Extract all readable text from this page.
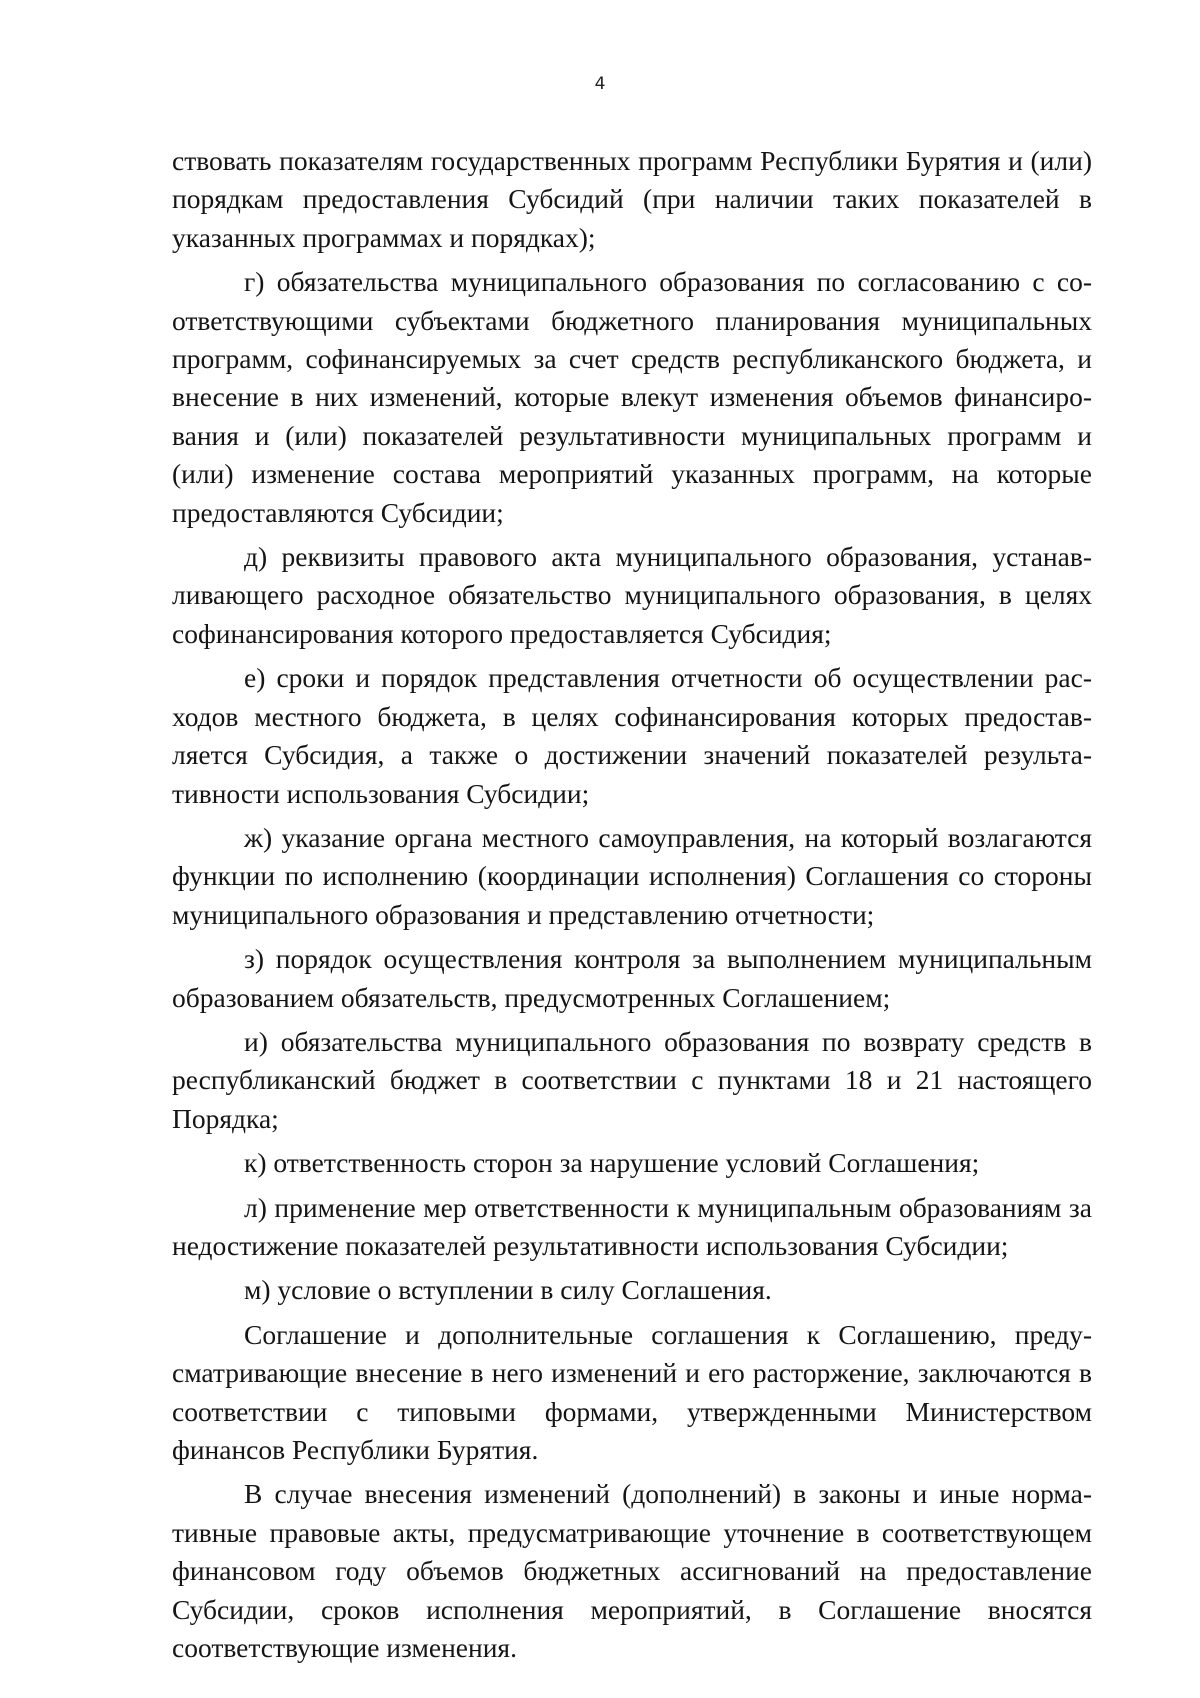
4

ствовать показателям государственных программ Республики Бурятия и (или) порядкам предоставления Субсидий (при наличии таких показателей в указанных программах и порядках);

г) обязательства муниципального образования по согласованию с соответствующими субъектами бюджетного планирования муниципальных программ, софинансируемых за счет средств республиканского бюджета, и внесение в них изменений, которые влекут изменения объемов финансирования и (или) показателей результативности муниципальных программ и (или) изменение состава мероприятий указанных программ, на которые предоставляются Субсидии;

д) реквизиты правового акта муниципального образования, устанавливающего расходное обязательство муниципального образования, в целях софинансирования которого предоставляется Субсидия;

е) сроки и порядок представления отчетности об осуществлении расходов местного бюджета, в целях софинансирования которых предоставляется Субсидия, а также о достижении значений показателей результативности использования Субсидии;

ж) указание органа местного самоуправления, на который возлагаются функции по исполнению (координации исполнения) Соглашения со стороны муниципального образования и представлению отчетности;

з) порядок осуществления контроля за выполнением муниципальным образованием обязательств, предусмотренных Соглашением;

и) обязательства муниципального образования по возврату средств в республиканский бюджет в соответствии с пунктами 18 и 21 настоящего Порядка;

к) ответственность сторон за нарушение условий Соглашения;

л) применение мер ответственности к муниципальным образованиям за недостижение показателей результативности использования Субсидии;

м) условие о вступлении в силу Соглашения.

Соглашение и дополнительные соглашения к Соглашению, предусматривающие внесение в него изменений и его расторжение, заключаются в соответствии с типовыми формами, утвержденными Министерством финансов Республики Бурятия.

В случае внесения изменений (дополнений) в законы и иные нормативные правовые акты, предусматривающие уточнение в соответствующем финансовом году объемов бюджетных ассигнований на предоставление Субсидии, сроков исполнения мероприятий, в Соглашение вносятся соответствующие изменения.
